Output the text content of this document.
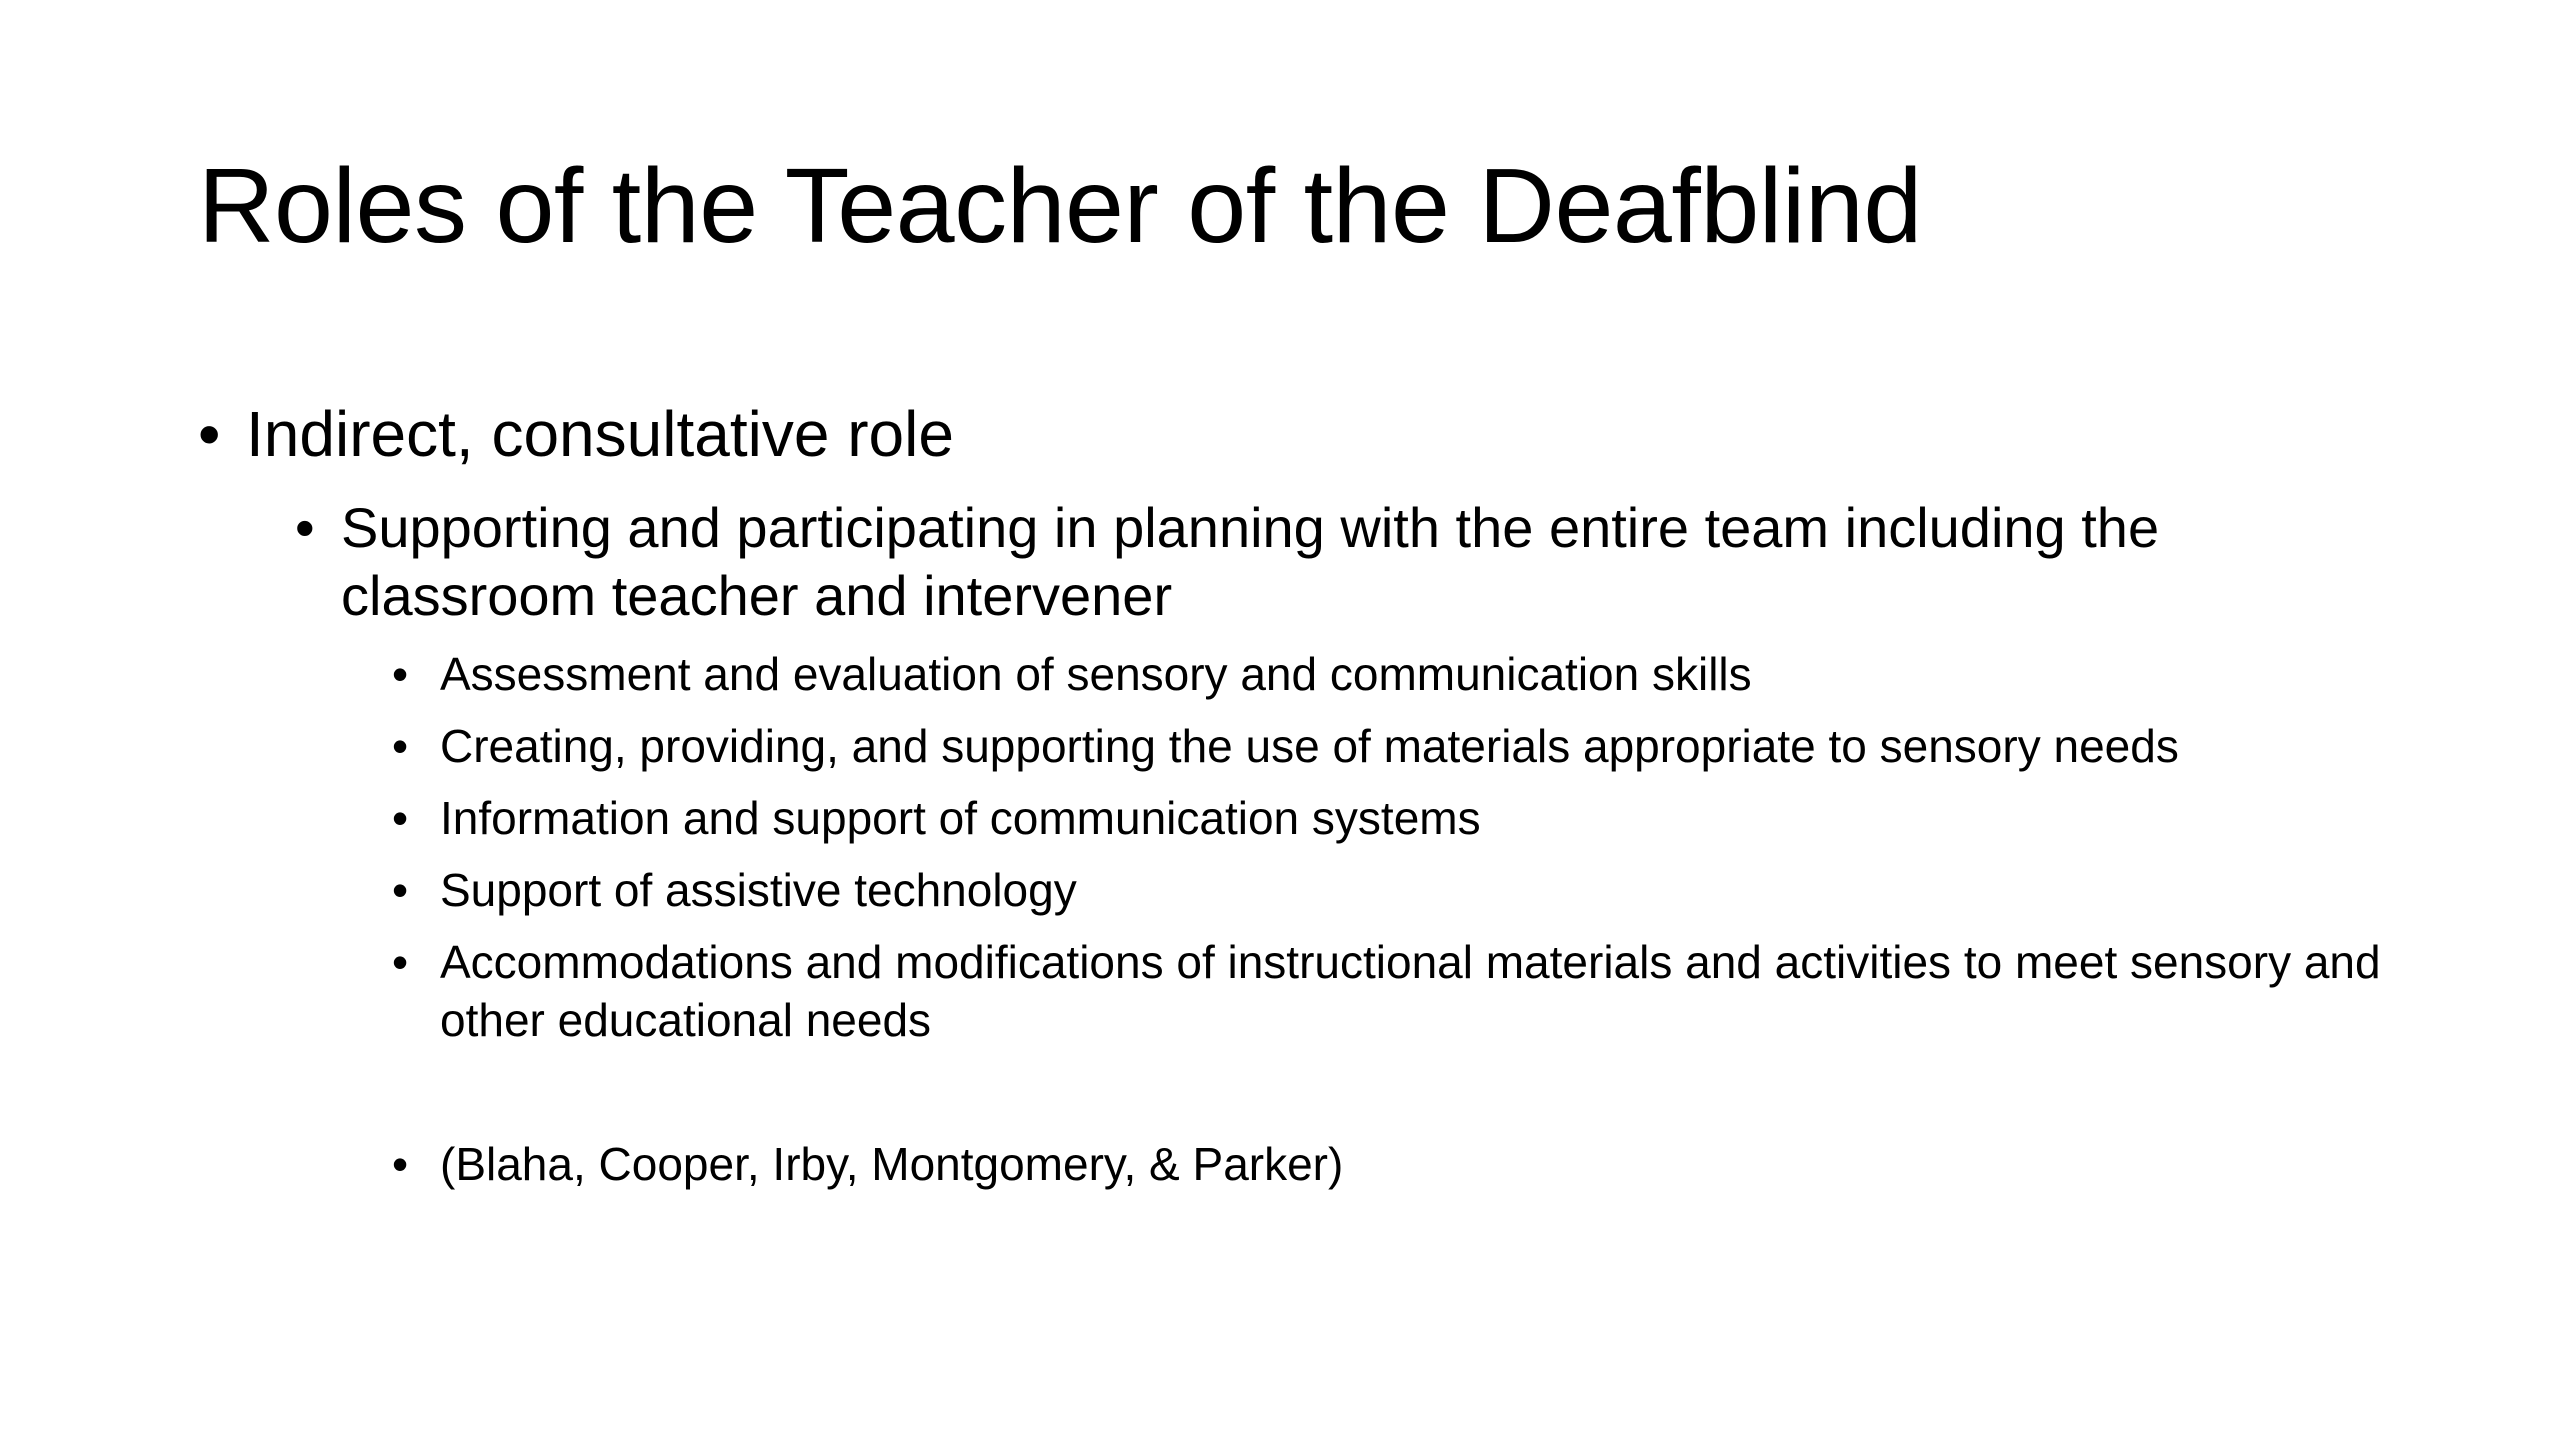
Roles of the Teacher of the Deafblind
• Indirect, consultative role
• Supporting and participating in planning with the entire team including the classroom teacher and intervener
• Assessment and evaluation of sensory and communication skills
• Creating, providing, and supporting the use of materials appropriate to sensory needs
• Information and support of communication systems
• Support of assistive technology
• Accommodations and modifications of instructional materials and activities to meet sensory and other educational needs
• (Blaha, Cooper, Irby, Montgomery, & Parker)
